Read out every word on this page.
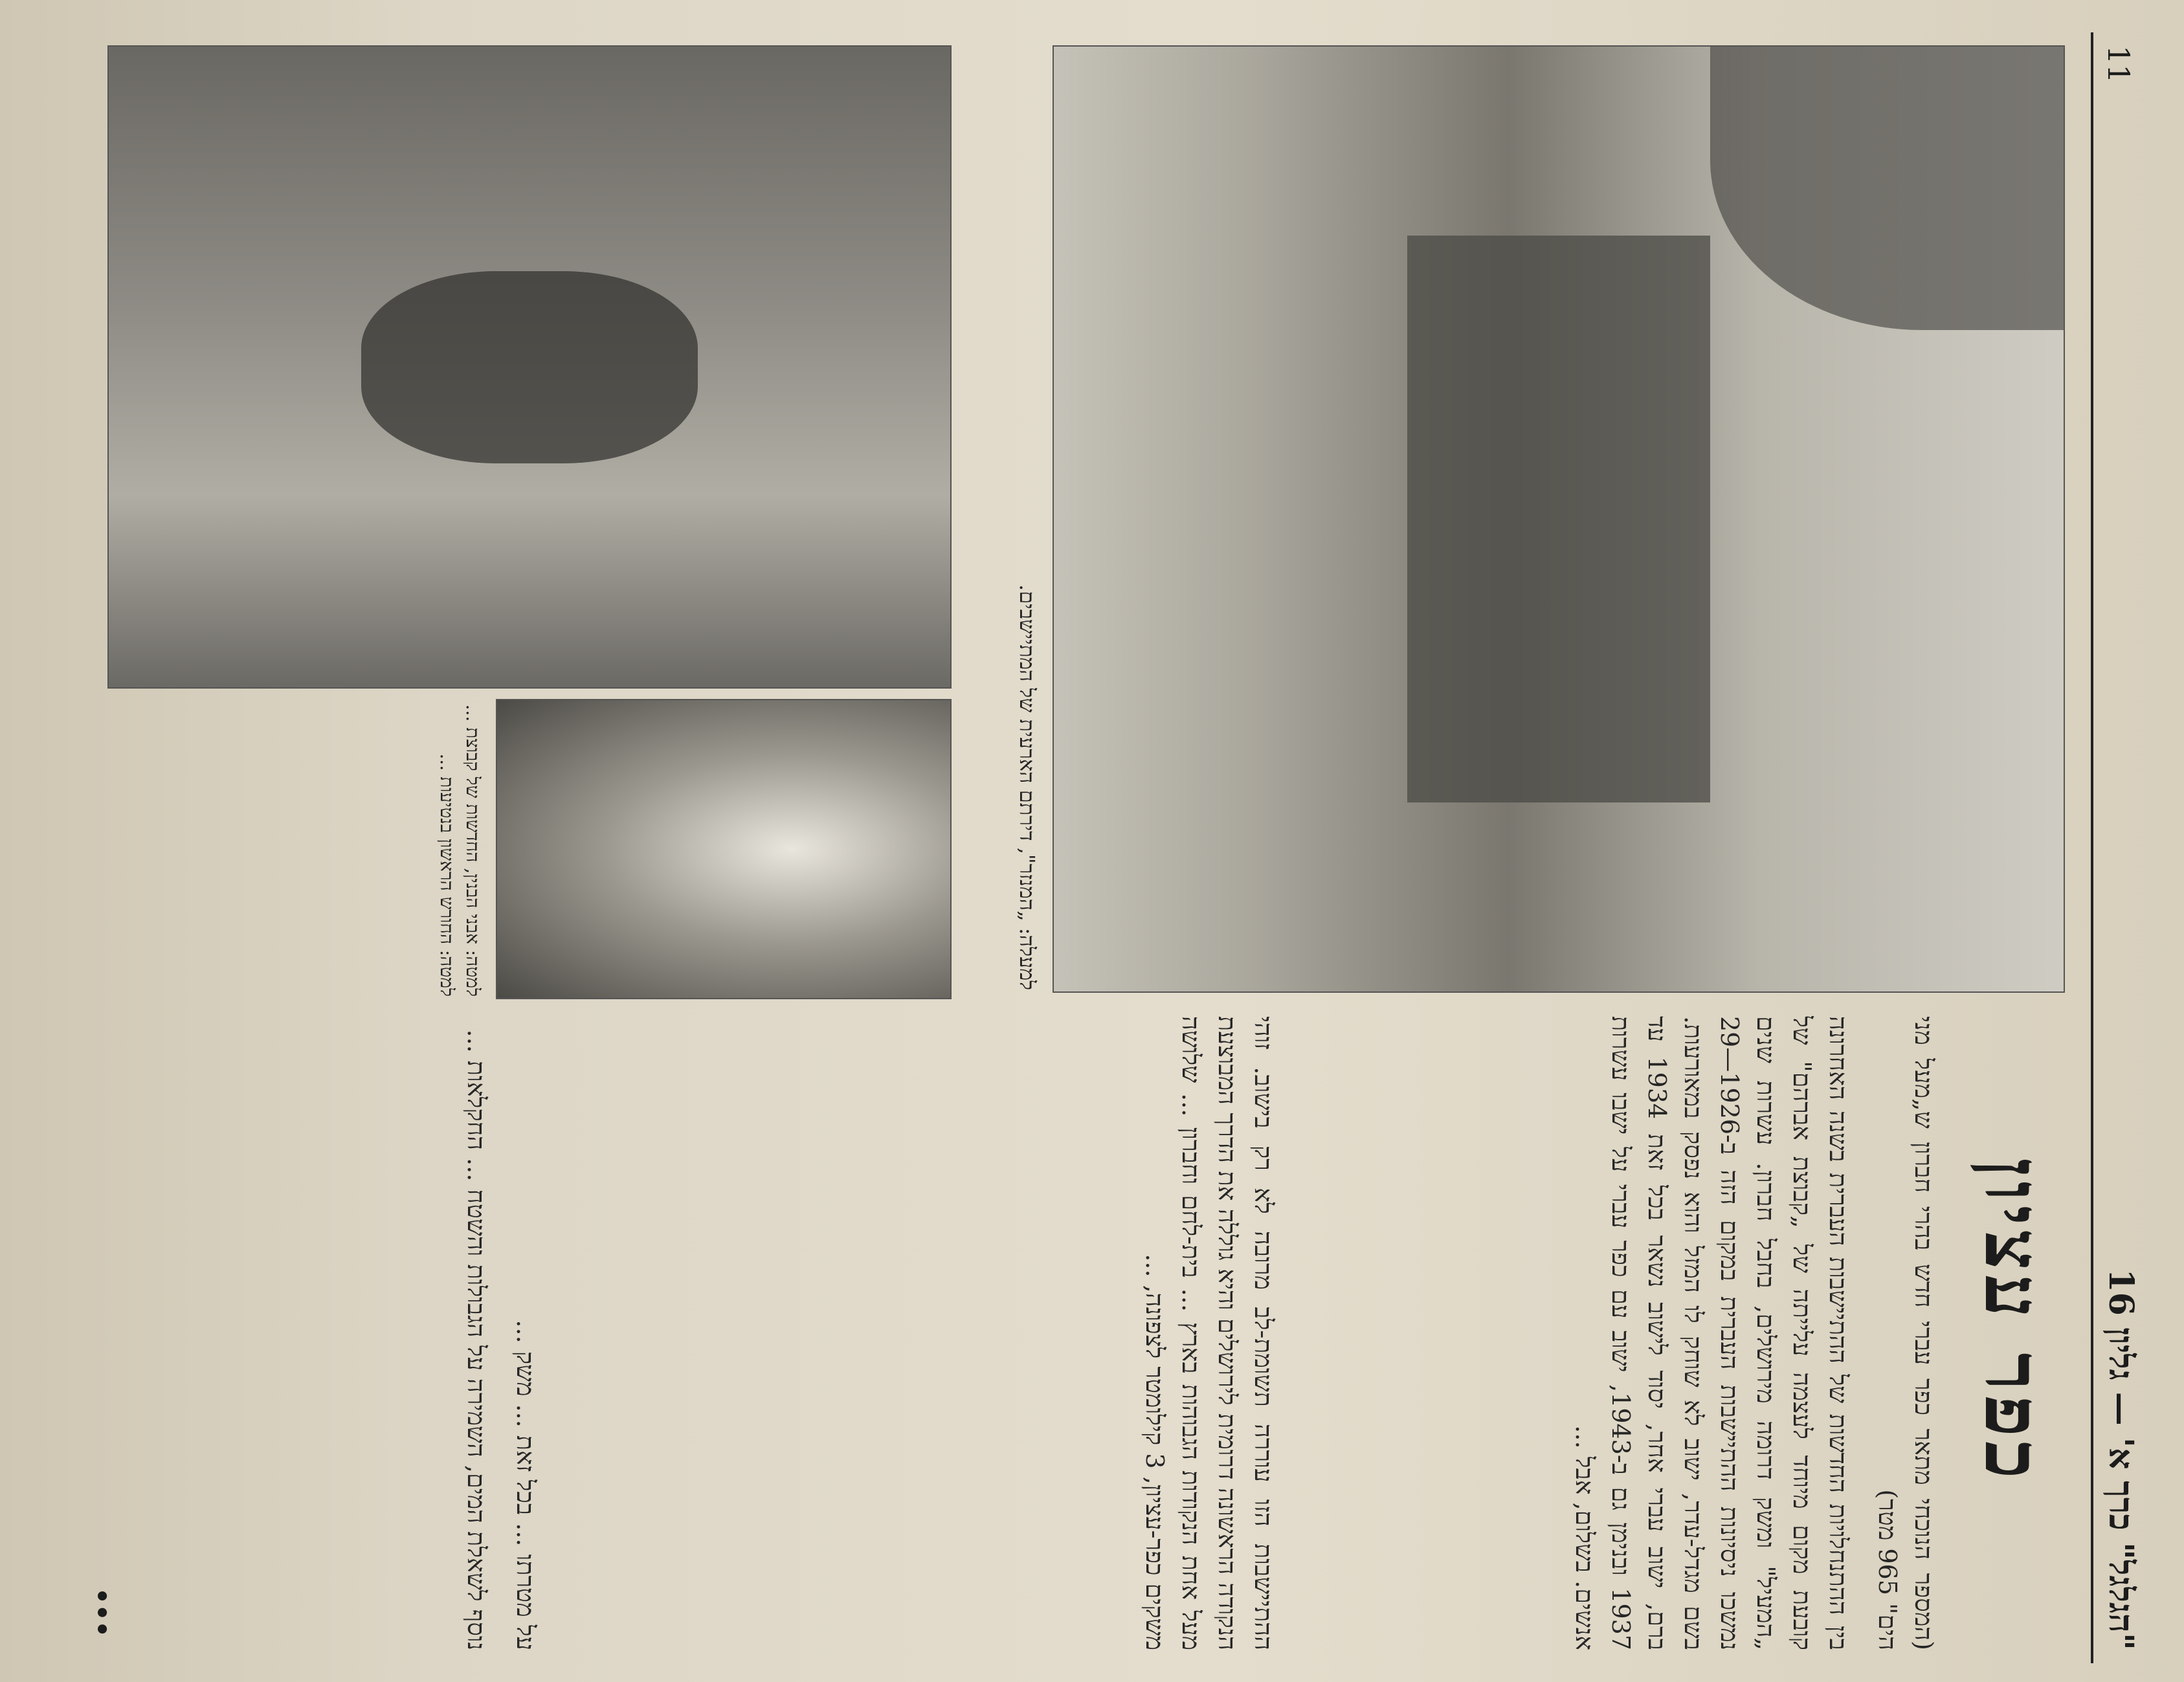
"הגלגל" כרך א' — גליון 16
11
כפר עציון

(המספר הנוכחי מתאר כפר עברי חדש בהרי חברון ש„מעל מני הים" 965 מטר)

בין ההתנחלויות החדשות של ההתיישבות העברית בשנה האחרונה קובעת מקום מיוחד לעצמה עלייתה של „קבוצת אברהם" של „המעיל" ומשק דרומה מירושלים, בחבל חברון. עשרות שנים נמשכו ניסיונות ההתיישבות העברית במקום הזה ב-1926—29 בשם מגדל-עדר, ישוב לא שוחק לו המזל והוא נפסק במאורעות. ברם, ישוב עברי אחר, יסוד לישוב נשאר בכל זאת 1934 עד 1937 ובנימן גם ב-1943, ישוב עם כפר עברי על ישבו עשרות אנשים. בשלום, אבל ...

ההתיישבות הזו עוררה תשומת-לב מרובה לא רק בישוב. זוהי הנקודה הראשונה דרומית לירושלים והיא גוללה את הדרך המבוצעת מעל אחת הנקודות הגבוהות בארץ ... בית-לחם וחברון ... שלושה משקים כפר-עציון, 3 קילומטר לצפונה, ...

למעלה: „המנזר", דירתם הארעית של המתיישבים.
למטה: אבני הבנין, החדשות של קבוצת ... למטה: החורש הראשון בנטיעות ...

על מטרתו ... בכל זאת ... משק ...

נוסף לשאלת המים, השמירה על הגבולות והשטח ... החקלאות ...

•••
